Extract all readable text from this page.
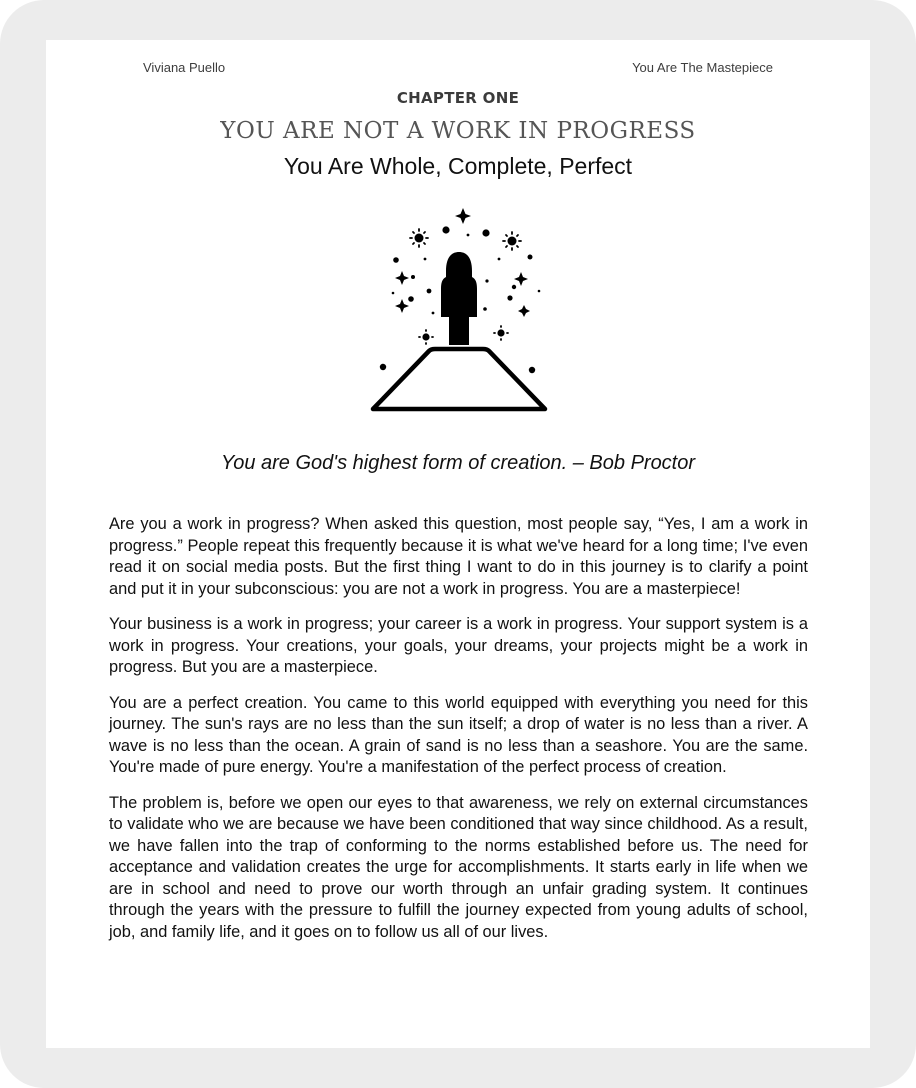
Viviana Puello	You Are The Mastepiece
CHAPTER ONE
YOU ARE NOT A WORK IN PROGRESS
You Are Whole, Complete, Perfect
You are God's highest form of creation. – Bob Proctor

Are you a work in progress? When asked this question, most people say, “Yes, I am a work in progress.” People repeat this frequently because it is what we've heard for a long time; I've even read it on social media posts. But the first thing I want to do in this journey is to clarify a point and put it in your subconscious: you are not a work in progress. You are a masterpiece!

Your business is a work in progress; your career is a work in progress. Your support system is a work in progress. Your creations, your goals, your dreams, your projects might be a work in progress. But you are a masterpiece.

You are a perfect creation. You came to this world equipped with everything you need for this journey. The sun's rays are no less than the sun itself; a drop of water is no less than a river. A wave is no less than the ocean. A grain of sand is no less than a seashore. You are the same. You're made of pure energy. You're a manifestation of the perfect process of creation.

The problem is, before we open our eyes to that awareness, we rely on external circumstances to validate who we are because we have been conditioned that way since childhood. As a result, we have fallen into the trap of conforming to the norms established before us. The need for acceptance and validation creates the urge for accomplishments. It starts early in life when we are in school and need to prove our worth through an unfair grading system. It continues through the years with the pressure to fulfill the journey expected from young adults of school, job, and family life, and it goes on to follow us all of our lives.
